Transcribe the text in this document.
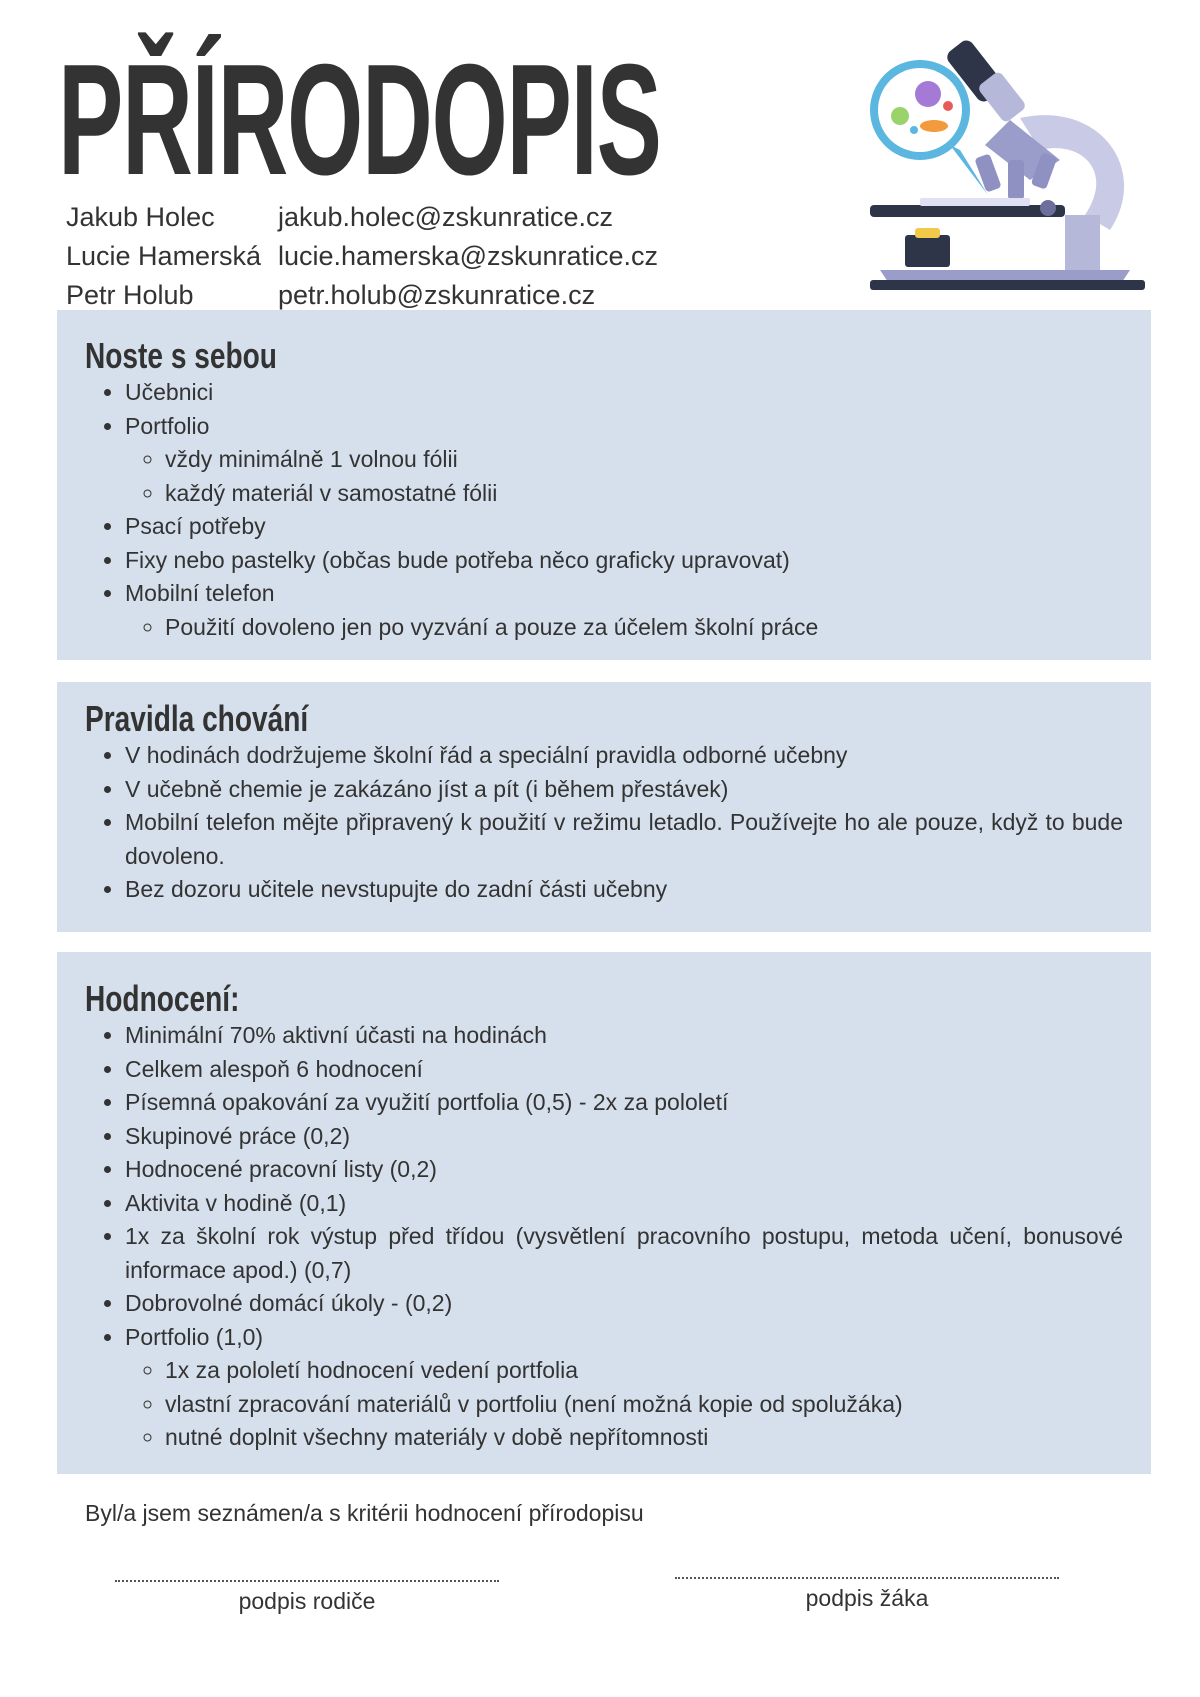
PŘÍRODOPIS
Jakub Holec	jakub.holec@zskunratice.cz
Lucie Hamerská lucie.hamerska@zskunratice.cz
Petr Holub	petr.holub@zskunratice.cz
Noste s sebou
• Učebnici
• Portfolio
◦ vždy minimálně 1 volnou fólii
◦ každý materiál v samostatné fólii
• Psací potřeby
• Fixy nebo pastelky (občas bude potřeba něco graficky upravovat)
• Mobilní telefon
◦ Použití dovoleno jen po vyzvání a pouze za účelem školní práce
Pravidla chování
• V hodinách dodržujeme školní řád a speciální pravidla odborné učebny
• V učebně chemie je zakázáno jíst a pít (i během přestávek)
• Mobilní telefon mějte připravený k použití v režimu letadlo. Používejte ho ale pouze, když to bude dovoleno.
• Bez dozoru učitele nevstupujte do zadní části učebny
Hodnocení:
• Minimální 70% aktivní účasti na hodinách
• Celkem alespoň 6 hodnocení
• Písemná opakování za využití portfolia (0,5) - 2x za pololetí
• Skupinové práce (0,2)
• Hodnocené pracovní listy (0,2)
• Aktivita v hodině (0,1)
• 1x za školní rok výstup před třídou (vysvětlení pracovního postupu, metoda učení, bonusové informace apod.) (0,7)
• Dobrovolné domácí úkoly - (0,2)
• Portfolio (1,0)
◦ 1x za pololetí hodnocení vedení portfolia
◦ vlastní zpracování materiálů v portfoliu (není možná kopie od spolužáka)
◦ nutné doplnit všechny materiály v době nepřítomnosti
Byl/a jsem seznámen/a s kritérii hodnocení přírodopisu
podpis rodiče	podpis žáka
